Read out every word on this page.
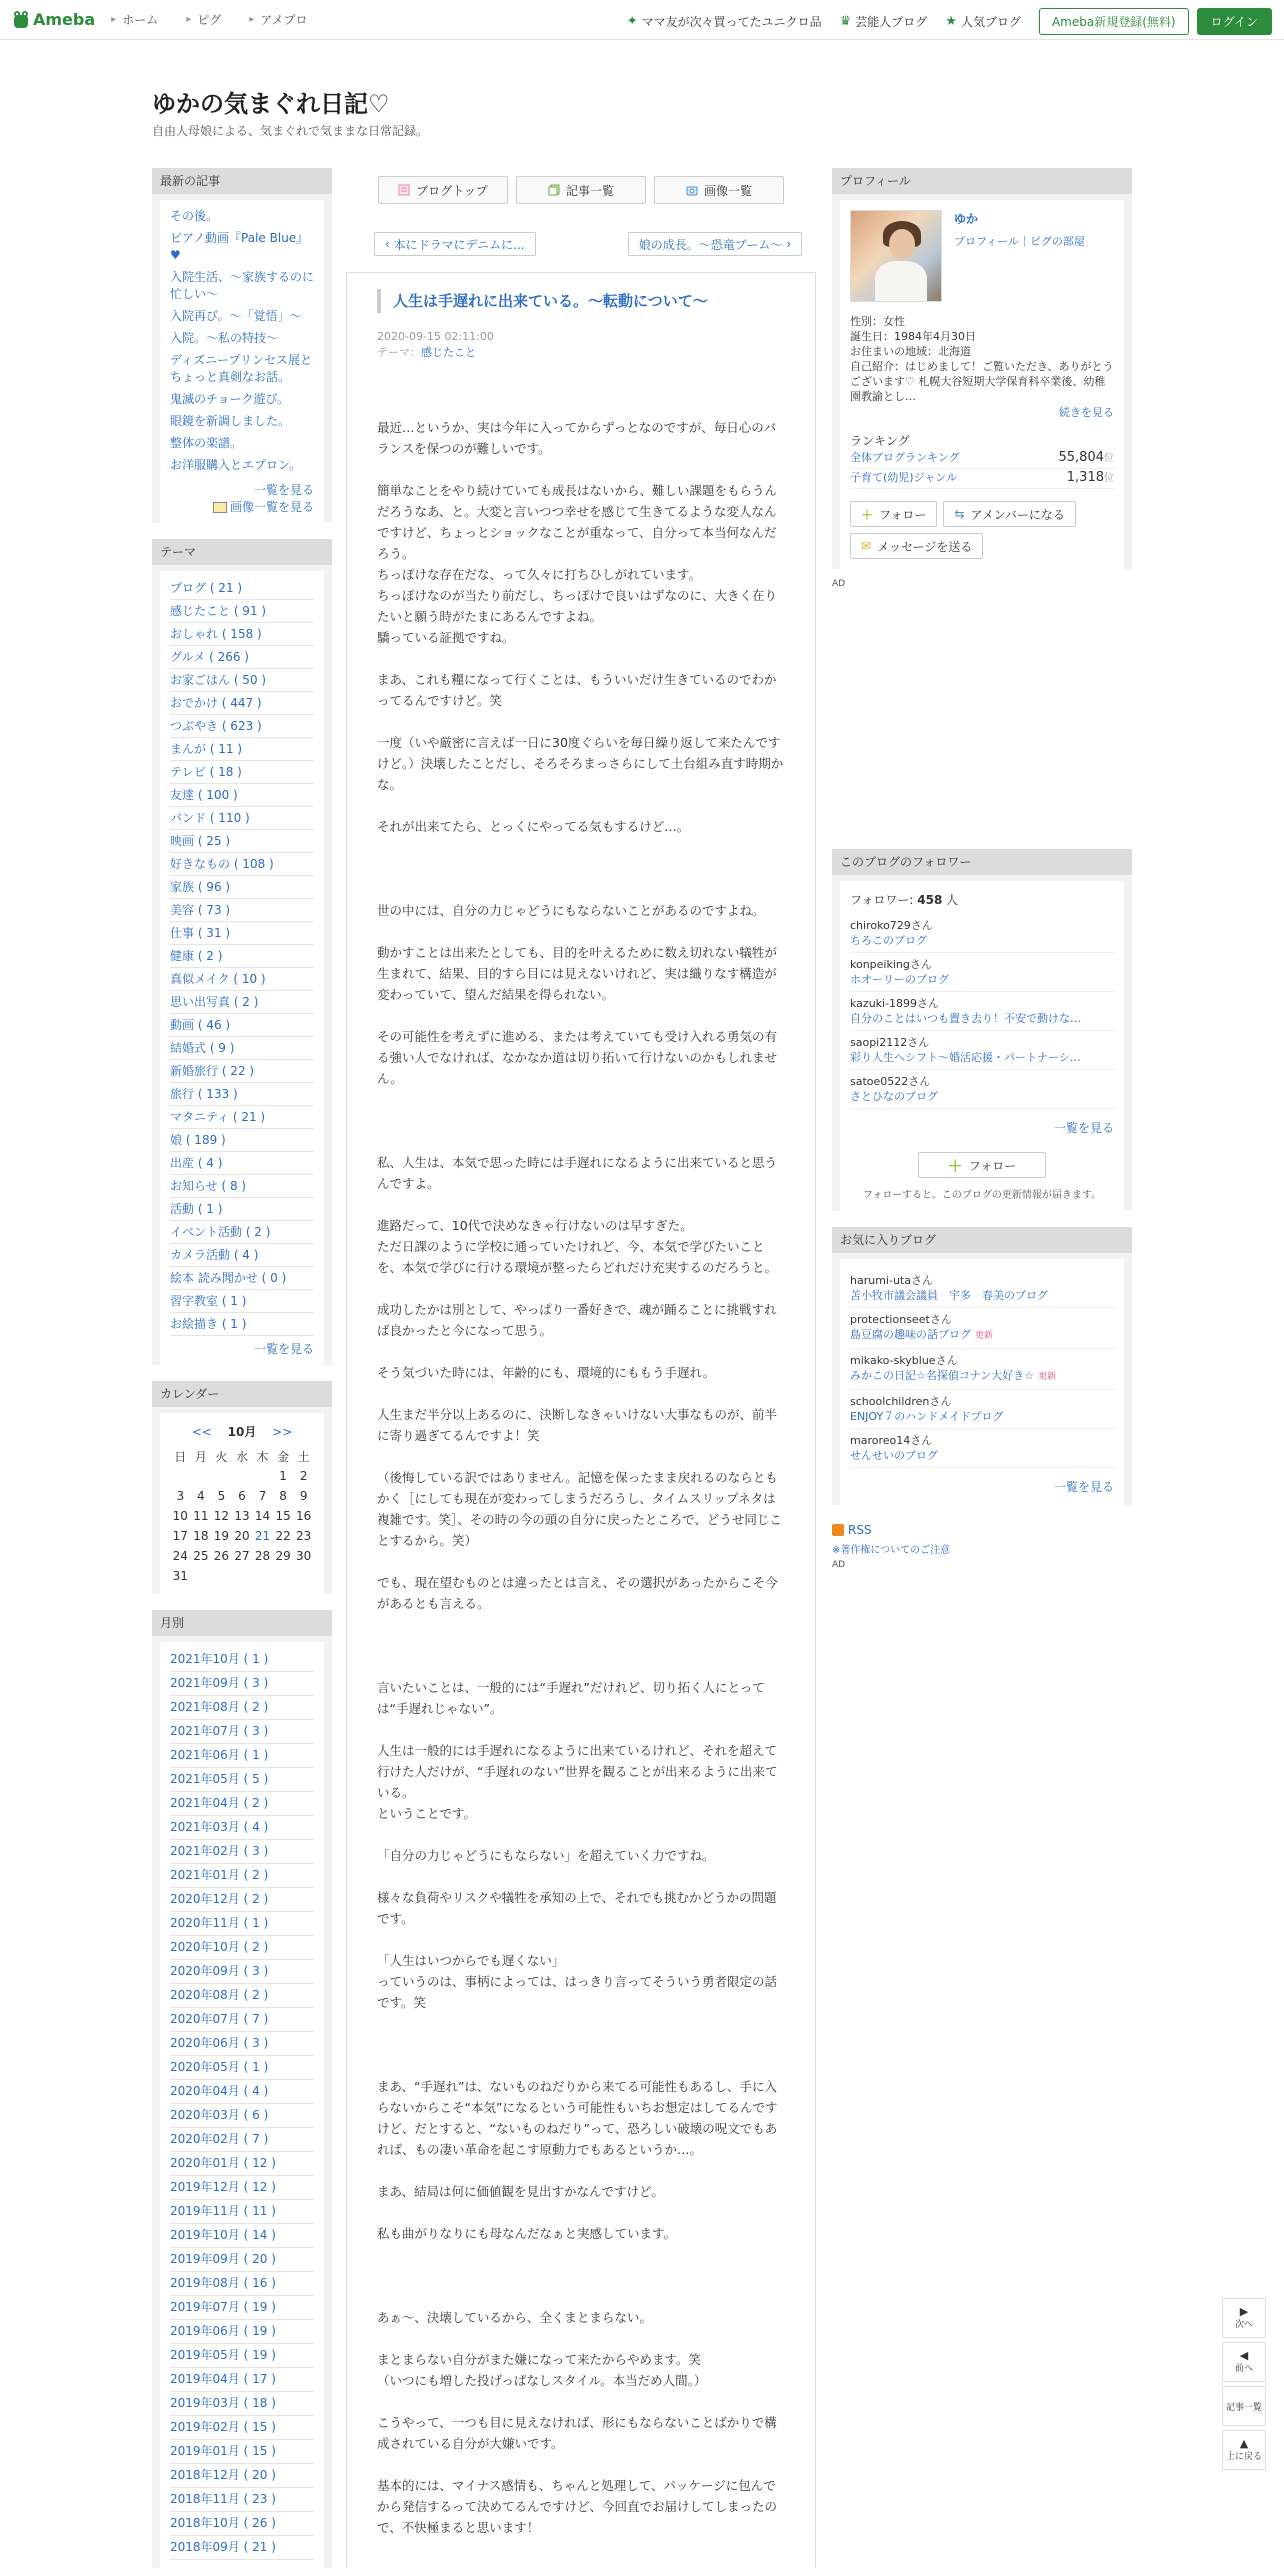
Ameba ▸ ホーム	▸ ピグ	▸ アメプロ	✦ ママ友が次々買ってたユニクロ品 ♛ 芸能人ブログ ★ 人気ブログ	Ameba新規登録(無料)	ログイン
ゆかの気まぐれ日記♡
自由人母娘による、気まぐれで気ままな日常記録。
最新の記事
その後。
ピアノ動画『Pale Blue』♥
入院生活、〜家族するのに忙しい〜
入院再び。〜「覚悟」〜
入院。〜私の特技〜
ディズニープリンセス展とちょっと真剣なお話。
鬼滅のチョーク遊び。
眼鏡を新調しました。
整体の楽譜。
お洋服購入とエプロン。
一覧を見る
画像一覧を見る
テーマ
ブログ ( 21 )
感じたこと ( 91 )
おしゃれ ( 158 )
グルメ ( 266 )
お家ごはん ( 50 )
おでかけ ( 447 )
つぶやき ( 623 )
まんが ( 11 )
テレビ ( 18 )
友達 ( 100 )
バンド ( 110 )
映画 ( 25 )
好きなもの ( 108 )
家族 ( 96 )
美容 ( 73 )
仕事 ( 31 )
健康 ( 2 )
真似メイク ( 10 )
思い出写真 ( 2 )
動画 ( 46 )
結婚式 ( 9 )
新婚旅行 ( 22 )
旅行 ( 133 )
マタニティ ( 21 )
娘 ( 189 )
出産 ( 4 )
お知らせ ( 8 )
活動 ( 1 )
イベント活動 ( 2 )
カメラ活動 ( 4 )
絵本 読み聞かせ ( 0 )
習字教室 ( 1 )
お絵描き ( 1 )
一覧を見る
カレンダー
<< 10月 >>
日	月	火	水	木	金	土
					1	2
3	4	5	6	7	8	9
10	11	12	13	14	15	16
17	18	19	20	21	22	23
24	25	26	27	28	29	30
31						
月別
2021年10月 ( 1 )
2021年09月 ( 3 )
2021年08月 ( 2 )
2021年07月 ( 3 )
2021年06月 ( 1 )
2021年05月 ( 5 )
2021年04月 ( 2 )
2021年03月 ( 4 )
2021年02月 ( 3 )
2021年01月 ( 2 )
2020年12月 ( 2 )
2020年11月 ( 1 )
2020年10月 ( 2 )
2020年09月 ( 3 )
2020年08月 ( 2 )
2020年07月 ( 7 )
2020年06月 ( 3 )
2020年05月 ( 1 )
2020年04月 ( 4 )
2020年03月 ( 6 )
2020年02月 ( 7 )
2020年01月 ( 12 )
2019年12月 ( 12 )
2019年11月 ( 11 )
2019年10月 ( 14 )
2019年09月 ( 20 )
2019年08月 ( 16 )
2019年07月 ( 19 )
2019年06月 ( 19 )
2019年05月 ( 19 )
2019年04月 ( 17 )
2019年03月 ( 18 )
2019年02月 ( 15 )
2019年01月 ( 15 )
2018年12月 ( 20 )
2018年11月 ( 23 )
2018年10月 ( 26 )
2018年09月 ( 21 )
ブログトップ	記事一覧	画像一覧
‹ 本にドラマにデニムに...	娘の成長。〜恐竜ブーム〜 ›
人生は手遅れに出来ている。〜転動について〜
2020-09-15 02:11:00
テーマ：感じたこと

最近…というか、実は今年に入ってからずっとなのですが、毎日心のバランスを保つのが難しいです。

簡単なことをやり続けていても成長はないから、難しい課題をもらうんだろうなあ、と。大変と言いつつ幸せを感じて生きてるような変人なんですけど、ちょっとショックなことが重なって、自分って本当何なんだろう。
ちっぽけな存在だな、って久々に打ちひしがれています。
ちっぽけなのが当たり前だし、ちっぽけで良いはずなのに、大きく在りたいと願う時がたまにあるんですよね。
驕っている証拠ですね。

まあ、これも糧になって行くことは、もういいだけ生きているのでわかってるんですけど。笑

一度（いや厳密に言えば一日に30度ぐらいを毎日繰り返して来たんですけど。）決壊したことだし、そろそろまっさらにして土台組み直す時期かな。

それが出来てたら、とっくにやってる気もするけど…。

世の中には、自分の力じゃどうにもならないことがあるのですよね。

動かすことは出来たとしても、目的を叶えるために数え切れない犠牲が生まれて、結果、目的すら目には見えないけれど、実は織りなす構造が変わっていて、望んだ結果を得られない。

その可能性を考えずに進める、または考えていても受け入れる勇気の有る強い人でなければ、なかなか道は切り拓いて行けないのかもしれません。

私、人生は、本気で思った時には手遅れになるように出来ていると思うんですよ。

進路だって、10代で決めなきゃ行けないのは早すぎた。
ただ日課のように学校に通っていたけれど、今、本気で学びたいことを、本気で学びに行ける環境が整ったらどれだけ充実するのだろうと。

成功したかは別として、やっぱり一番好きで、魂が踊ることに挑戦すれば良かったと今になって思う。

そう気づいた時には、年齢的にも、環境的にももう手遅れ。

人生まだ半分以上あるのに、決断しなきゃいけない大事なものが、前半に寄り過ぎてるんですよ！笑

（後悔している訳ではありません。記憶を保ったまま戻れるのならともかく［にしても現在が変わってしまうだろうし、タイムスリップネタは複雑です。笑］、その時の今の頭の自分に戻ったところで、どうせ同じことするから。笑）

でも、現在望むものとは違ったとは言え、その選択があったからこそ今があるとも言える。

言いたいことは、一般的には“手遅れ”だけれど、切り拓く人にとっては“手遅れじゃない”。

人生は一般的には手遅れになるように出来ているけれど、それを超えて行けた人だけが、“手遅れのない”世界を観ることが出来るように出来ている。
ということです。

「自分の力じゃどうにもならない」を超えていく力ですね。

様々な負荷やリスクや犠牲を承知の上で、それでも挑むかどうかの問題です。

「人生はいつからでも遅くない」
っていうのは、事柄によっては、はっきり言ってそういう勇者限定の話です。笑

まあ、“手遅れ”は、ないものねだりから来てる可能性もあるし、手に入らないからこそ“本気”になるという可能性もいちお想定はしてるんですけど、だとすると、“ないものねだり”って、恐ろしい破壊の呪文でもあれば、もの凄い革命を起こす原動力でもあるというか…。

まあ、結局は何に価値観を見出すかなんですけど。

私も曲がりなりにも母なんだなぁと実感しています。

あぁ〜、決壊しているから、全くまとまらない。

まとまらない自分がまた嫌になって来たからやめます。笑
（いつにも増した投げっぱなしスタイル。本当だめ人間。）

こうやって、一つも目に見えなければ、形にもならないことばかりで構成されている自分が大嫌いです。

基本的には、マイナス感情も、ちゃんと処理して、パッケージに包んでから発信するって決めてるんですけど、今回直でお届けしてしまったので、不快極まると思います！

プロフィール
ゆか
プロフィール｜ピグの部屋
性別：女性
誕生日：1984年4月30日
お住まいの地域：北海道
自己紹介：はじめまして！ご覧いただき、ありがとうございます♡ 札幌大谷短期大学保育科卒業後、幼稚園教諭とし…
続きを見る
ランキング
全体ブログランキング	55,804位
子育て(幼児)ジャンル	1,318位
＋ フォロー ⇆ アメンバーになる
✉ メッセージを送る
AD
このブログのフォロワー
フォロワー: 458 人
chiroko729さん
ちろこのブログ
konpeikingさん
ホオーリーのブログ
kazuki-1899さん
自分のことはいつも置き去り！不安で動けな…
saopi2112さん
彩り人生へシフト〜婚活応援・パートナーシ…
satoe0522さん
さとひなのブログ
一覧を見る
＋ フォロー
フォローすると、このブログの更新情報が届きます。
お気に入りブログ
harumi-utaさん
苫小牧市議会議員　宇多　春美のブログ
protectionseetさん
島豆腐の趣味の話ブログ 更新
mikako-skyblueさん
みかこの日記☆名探偵コナン大好き☆ 更新
schoolchildrenさん
ENJOY７のハンドメイドブログ
maroreo14さん
せんせいのブログ
一覧を見る
RSS
※著作権についてのご注意
AD
▶
次へ
◀
前へ
記事一覧
▲
上に戻る
